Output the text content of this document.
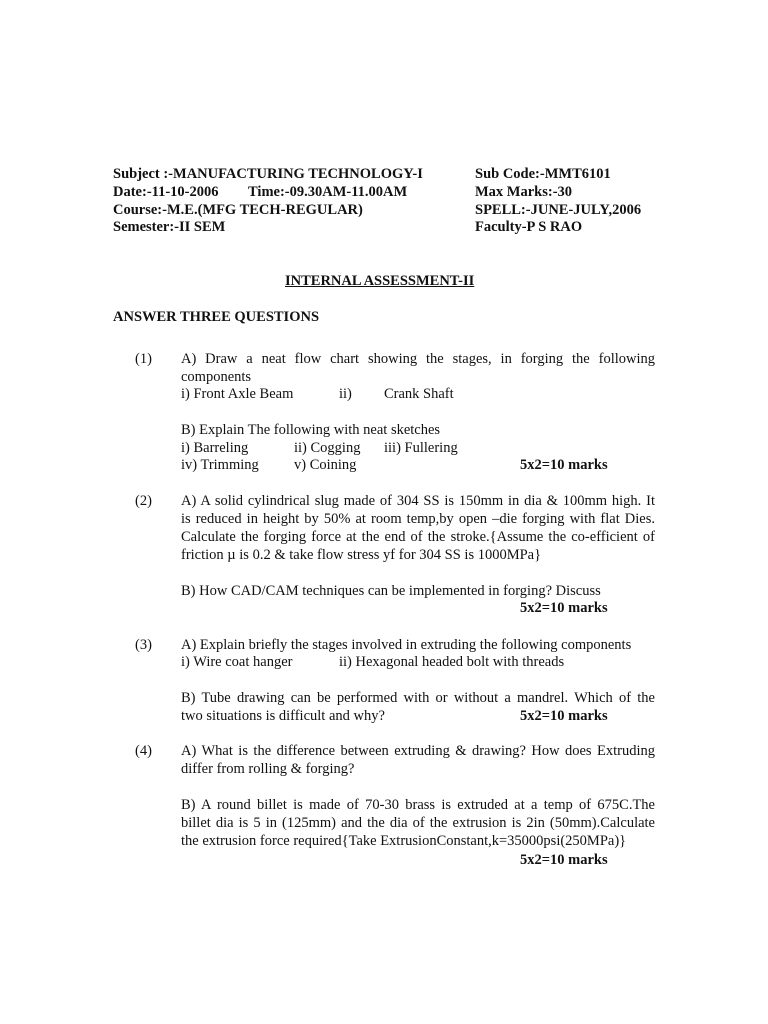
Subject :-MANUFACTURING TECHNOLOGY-I
Date:-11-10-2006 Time:-09.30AM-11.00AM
Course:-M.E.(MFG TECH-REGULAR)
Semester:-II SEM
Sub Code:-MMT6101
Max Marks:-30
SPELL:-JUNE-JULY,2006
Faculty-P S RAO
INTERNAL ASSESSMENT-II
ANSWER THREE QUESTIONS
(1) A) Draw a neat flow chart showing the stages, in forging the following
components
i) Front Axle Beam	ii) Crank Shaft
B) Explain The following with neat sketches
i) Barreling	ii) Cogging iii) Fullering
iv) Trimming v) Coining	5x2=10 marks
(2) A) A solid cylindrical slug made of 304 SS is 150mm in dia & 100mm high. It
is reduced in height by 50% at room temp,by open –die forging with flat Dies.
Calculate the forging force at the end of the stroke.{Assume the co-efficient of
friction µ is 0.2 & take flow stress yf for 304 SS is 1000MPa}
B) How CAD/CAM techniques can be implemented in forging? Discuss
5x2=10 marks
(3) A) Explain briefly the stages involved in extruding the following components
i) Wire coat hanger	ii) Hexagonal headed bolt with threads
B) Tube drawing can be performed with or without a mandrel. Which of the
two situations is difficult and why?	5x2=10 marks
(4) A) What is the difference between extruding & drawing? How does Extruding
differ from rolling & forging?
B) A round billet is made of 70-30 brass is extruded at a temp of 675C.The
billet dia is 5 in (125mm) and the dia of the extrusion is 2in (50mm).Calculate
the extrusion force required{Take ExtrusionConstant,k=35000psi(250MPa)}
5x2=10 marks
